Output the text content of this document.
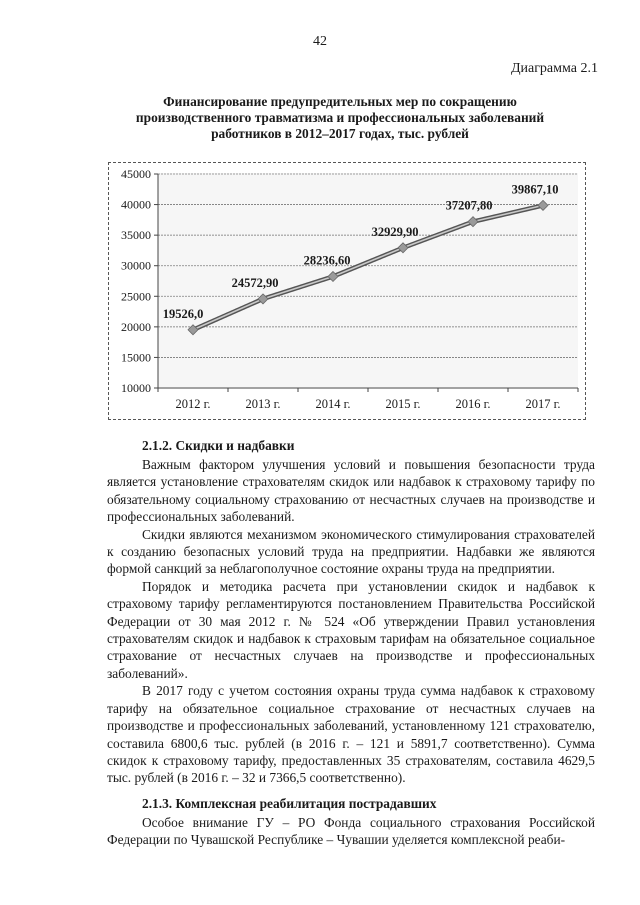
42
Диаграмма 2.1
Финансирование предупредительных мер по сокращению
производственного травматизма и профессиональных заболеваний
работников в 2012–2017 годах, тыс. рублей
10000
15000
20000
25000
30000
35000
40000
45000
2012 г.	2013 г.	2014 г.	2015 г.	2016 г.	2017 г.
19526,0
24572,90
28236,60
32929,90
37207,80
39867,10
2.1.2. Скидки и надбавки

Важным фактором улучшения условий и повышения безопасности труда является установление страхователям скидок или надбавок к страховому тарифу по обязательному социальному страхованию от несчастных случаев на производстве и профессиональных заболеваний.

Скидки являются механизмом экономического стимулирования страхователей к созданию безопасных условий труда на предприятии. Надбавки же являются формой санкций за неблагополучное состояние охраны труда на предприятии.

Порядок и методика расчета при установлении скидок и надбавок к страховому тарифу регламентируются постановлением Правительства Российской Федерации от 30 мая 2012 г. № 524 «Об утверждении Правил установления страхователям скидок и надбавок к страховым тарифам на обязательное социальное страхование от несчастных случаев на производстве и профессиональных заболеваний».

В 2017 году с учетом состояния охраны труда сумма надбавок к страховому тарифу на обязательное социальное страхование от несчастных случаев на производстве и профессиональных заболеваний, установленному 121 страхователю, составила 6800,6 тыс. рублей (в 2016 г. – 121 и 5891,7 соответственно). Сумма скидок к страховому тарифу, предоставленных 35 страхователям, составила 4629,5 тыс. рублей (в 2016 г. – 32 и 7366,5 соответственно).

2.1.3. Комплексная реабилитация пострадавших

Особое внимание ГУ – РО Фонда социального страхования Российской Федерации по Чувашской Республике – Чувашии уделяется комплексной реаби-
